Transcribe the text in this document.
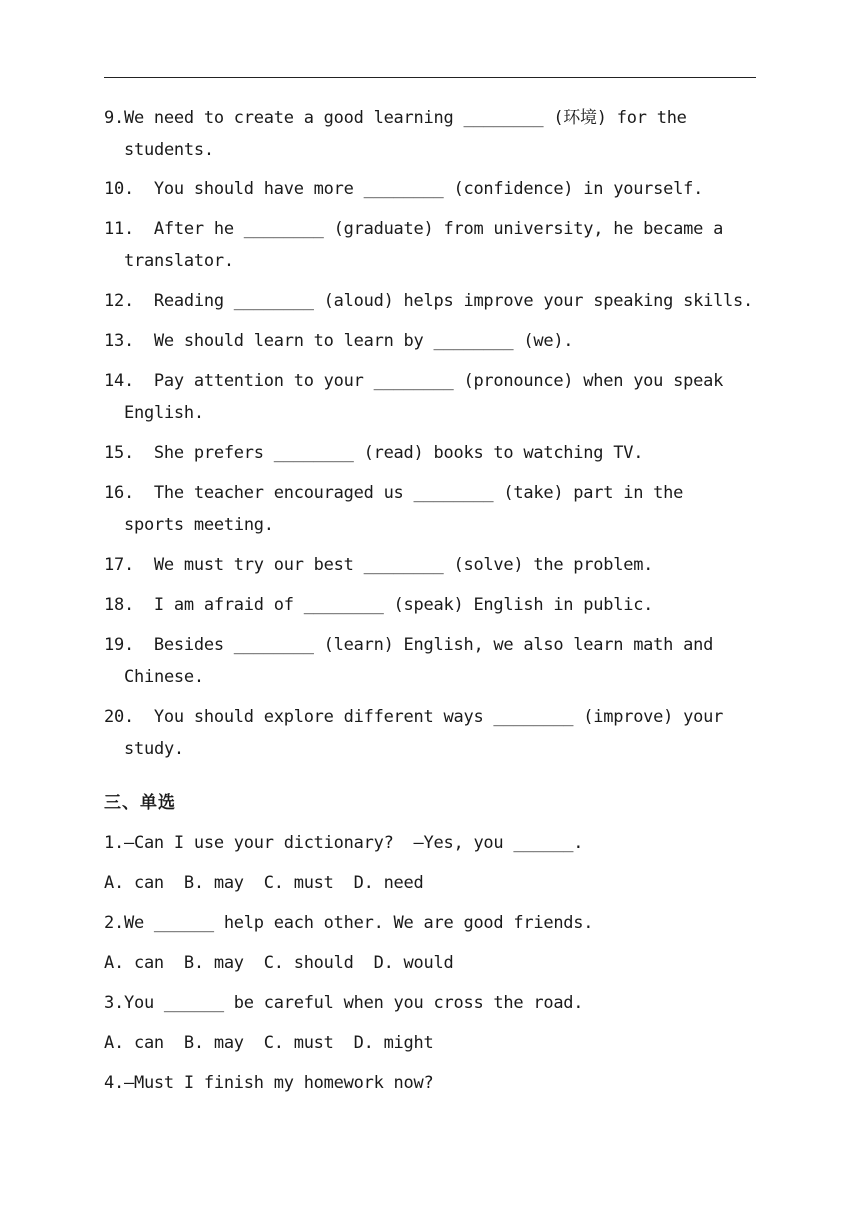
9.We need to create a good learning ________ (环境) for the
students.
10.  You should have more ________ (confidence) in yourself.
11.  After he ________ (graduate) from university, he became a
translator.
12.  Reading ________ (aloud) helps improve your speaking skills.
13.  We should learn to learn by ________ (we).
14.  Pay attention to your ________ (pronounce) when you speak
English.
15.  She prefers ________ (read) books to watching TV.
16.  The teacher encouraged us ________ (take) part in the
sports meeting.
17.  We must try our best ________ (solve) the problem.
18.  I am afraid of ________ (speak) English in public.
19.  Besides ________ (learn) English, we also learn math and
Chinese.
20.  You should explore different ways ________ (improve) your
study.
三、单选
1.—Can I use your dictionary?  —Yes, you ______.
A. can  B. may  C. must  D. need
2.We ______ help each other. We are good friends.
A. can  B. may  C. should  D. would
3.You ______ be careful when you cross the road.
A. can  B. may  C. must  D. might
4.—Must I finish my homework now?
